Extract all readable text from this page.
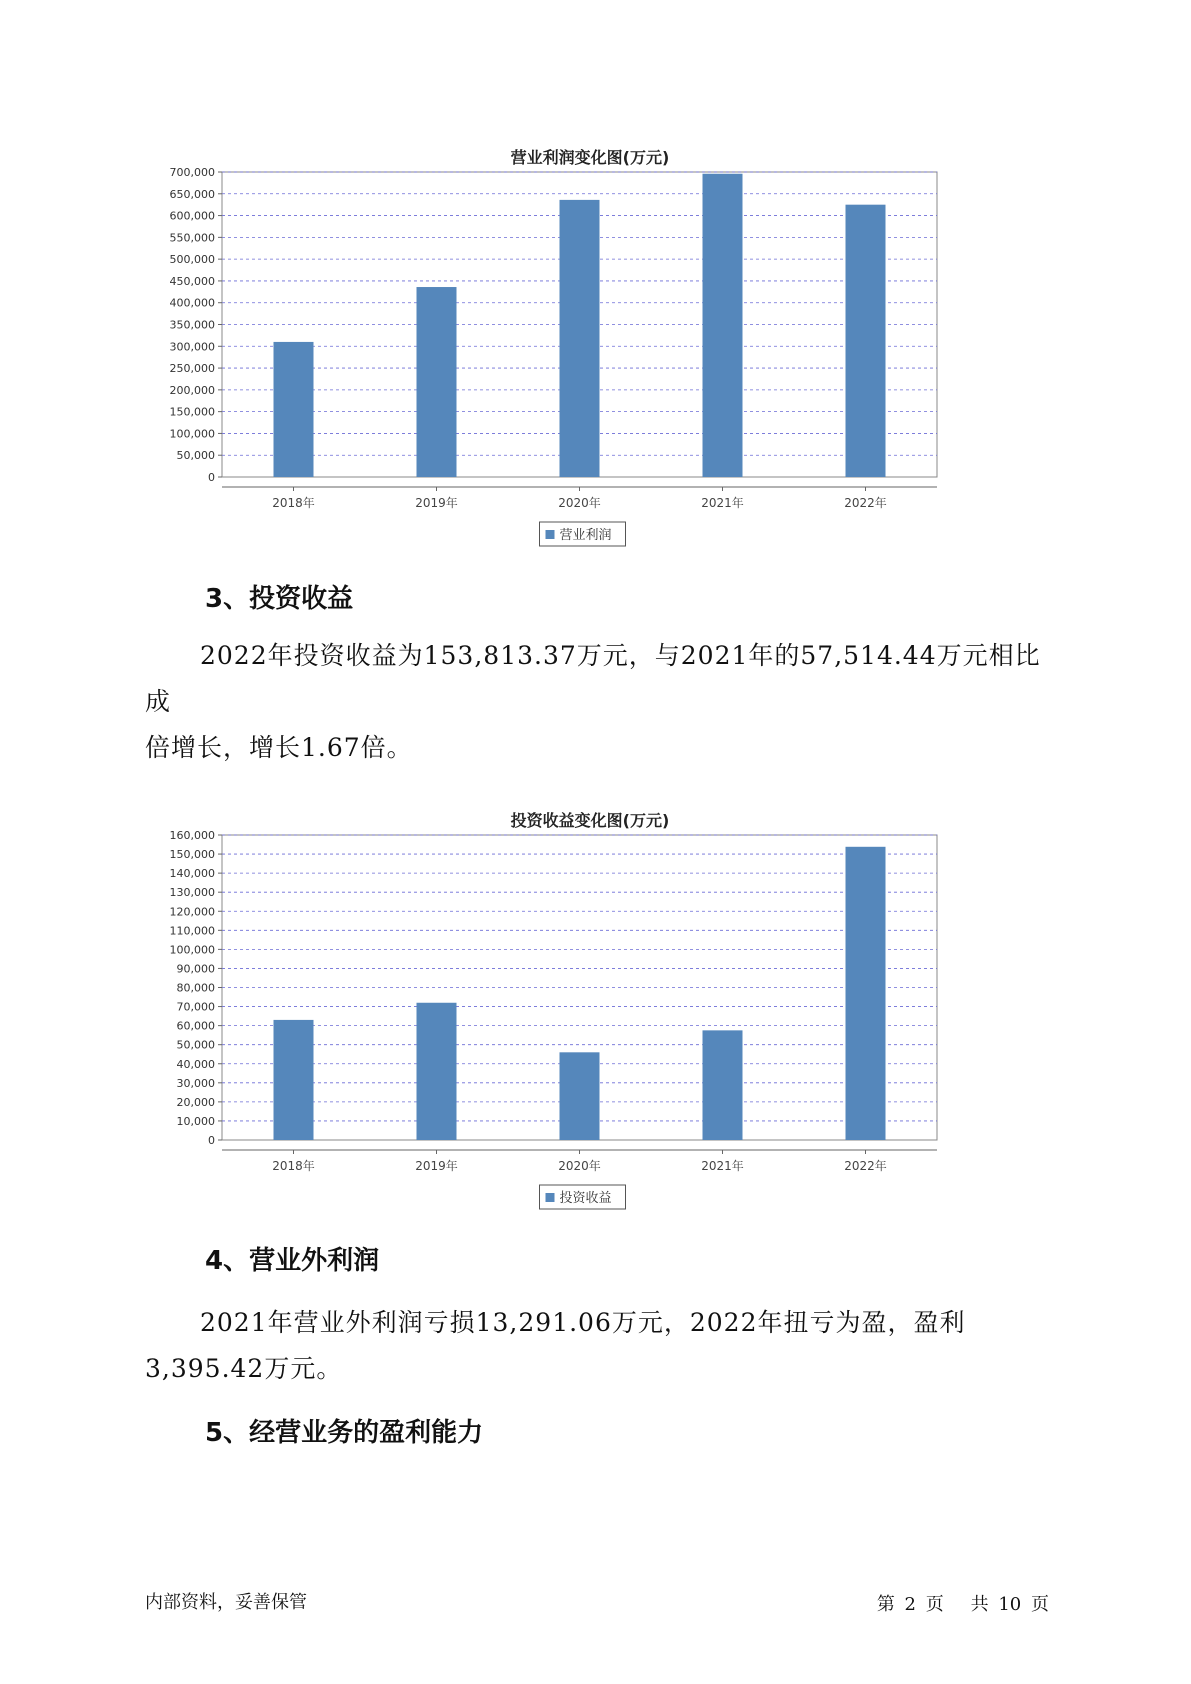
营业利润变化图(万元)
0
50,000
100,000
150,000
200,000
250,000
300,000
350,000
400,000
450,000
500,000
550,000
600,000
650,000
700,000
2018年	2019年	2020年	2021年	2022年
营业利润
3、投资收益

2022年投资收益为153,813.37万元，与2021年的57,514.44万元相比成
倍增长，增长1.67倍。

投资收益变化图(万元)
0
10,000
20,000
30,000
40,000
50,000
60,000
70,000
80,000
90,000
100,000
110,000
120,000
130,000
140,000
150,000
160,000
2018年	2019年	2020年	2021年	2022年
投资收益
4、营业外利润

2021年营业外利润亏损13,291.06万元，2022年扭亏为盈，盈利
3,395.42万元。

5、经营业务的盈利能力
内部资料，妥善保管	第 2 页 共 10 页
